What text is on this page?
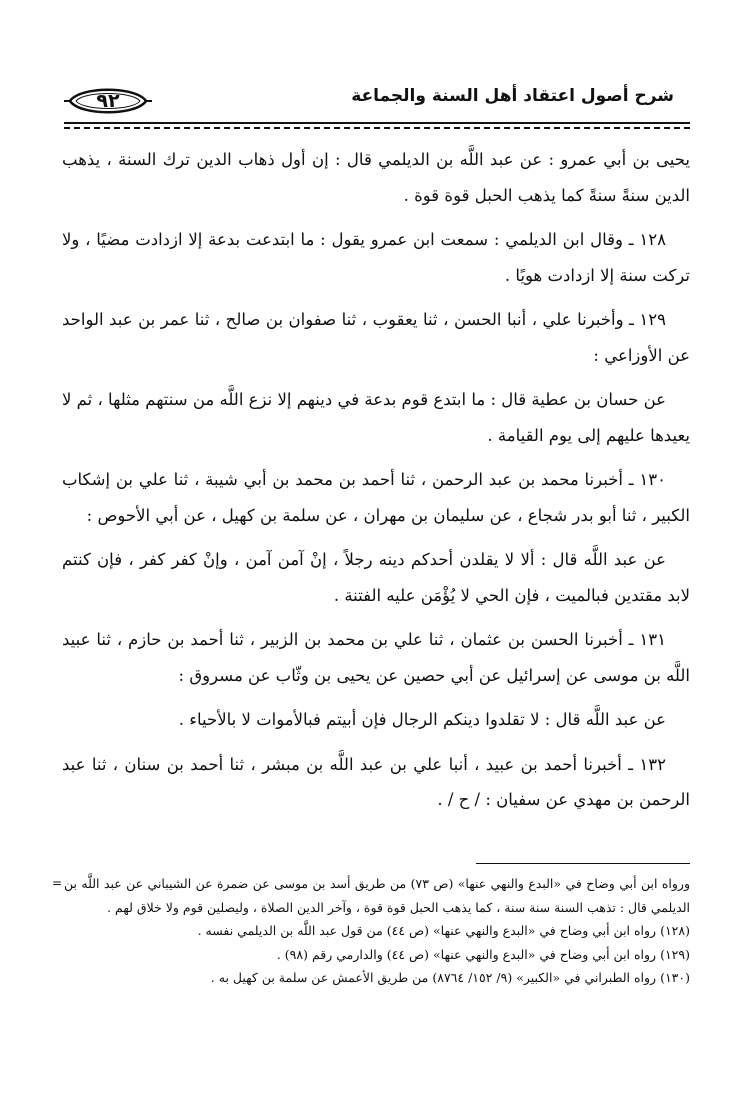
٩٢	شرح أصول اعتقاد أهل السنة والجماعة

يحيى بن أبي عمرو : عن عبد اللَّه بن الديلمي قال : إن أول ذهاب الدين ترك السنة ، يذهب الدين سنةً سنةً كما يذهب الحبل قوة قوة .

١٢٨ ـ وقال ابن الديلمي : سمعت ابن عمرو يقول : ما ابتدعت بدعة إلا ازدادت مضيًا ، ولا تركت سنة إلا ازدادت هويًا .

١٢٩ ـ وأخبرنا علي ، أنبا الحسن ، ثنا يعقوب ، ثنا صفوان بن صالح ، ثنا عمر بن عبد الواحد عن الأوزاعي :

عن حسان بن عطية قال : ما ابتدع قوم بدعة في دينهم إلا نزع اللَّه من سنتهم مثلها ، ثم لا يعيدها عليهم إلى يوم القيامة .

١٣٠ ـ أخبرنا محمد بن عبد الرحمن ، ثنا أحمد بن محمد بن أبي شيبة ، ثنا علي بن إشكاب الكبير ، ثنا أبو بدر شجاع ، عن سليمان بن مهران ، عن سلمة بن كهيل ، عن أبي الأحوص :

عن عبد اللَّه قال : ألا لا يقلدن أحدكم دينه رجلاً ، إنْ آمن آمن ، وإنْ كفر كفر ، فإن كنتم لابد مقتدين فبالميت ، فإن الحي لا يُؤْمَن عليه الفتنة .

١٣١ ـ أخبرنا الحسن بن عثمان ، ثنا علي بن محمد بن الزبير ، ثنا أحمد بن حازم ، ثنا عبيد اللَّه بن موسى عن إسرائيل عن أبي حصين عن يحيى بن وثّاب عن مسروق :

عن عبد اللَّه قال : لا تقلدوا دينكم الرجال فإن أبيتم فبالأموات لا بالأحياء .

١٣٢ ـ أخبرنا أحمد بن عبيد ، أنبا علي بن عبد اللَّه بن مبشر ، ثنا أحمد بن سنان ، ثنا عبد الرحمن بن مهدي عن سفيان : / ح / .

= ورواه ابن أبي وضاح في «البدع والنهي عنها» (ص ٧٣) من طريق أسد بن موسى عن ضمرة عن الشيباني عن عبد اللَّه بن الديلمي قال : تذهب السنة سنة سنة ، كما يذهب الحبل قوة قوة ، وآخر الدين الصلاة ، وليصلين قوم ولا خلاق لهم .

(١٢٨) رواه ابن أبي وضاح في «البدع والنهي عنها» (ص ٤٤) من قول عبد اللَّه بن الديلمي نفسه .

(١٢٩) رواه ابن أبي وضاح في «البدع والنهي عنها» (ص ٤٤) والدارمي رقم (٩٨) .

(١٣٠) رواه الطبراني في «الكبير» (٩/ ١٥٢/ ٨٧٦٤) من طريق الأعمش عن سلمة بن كهيل به .
